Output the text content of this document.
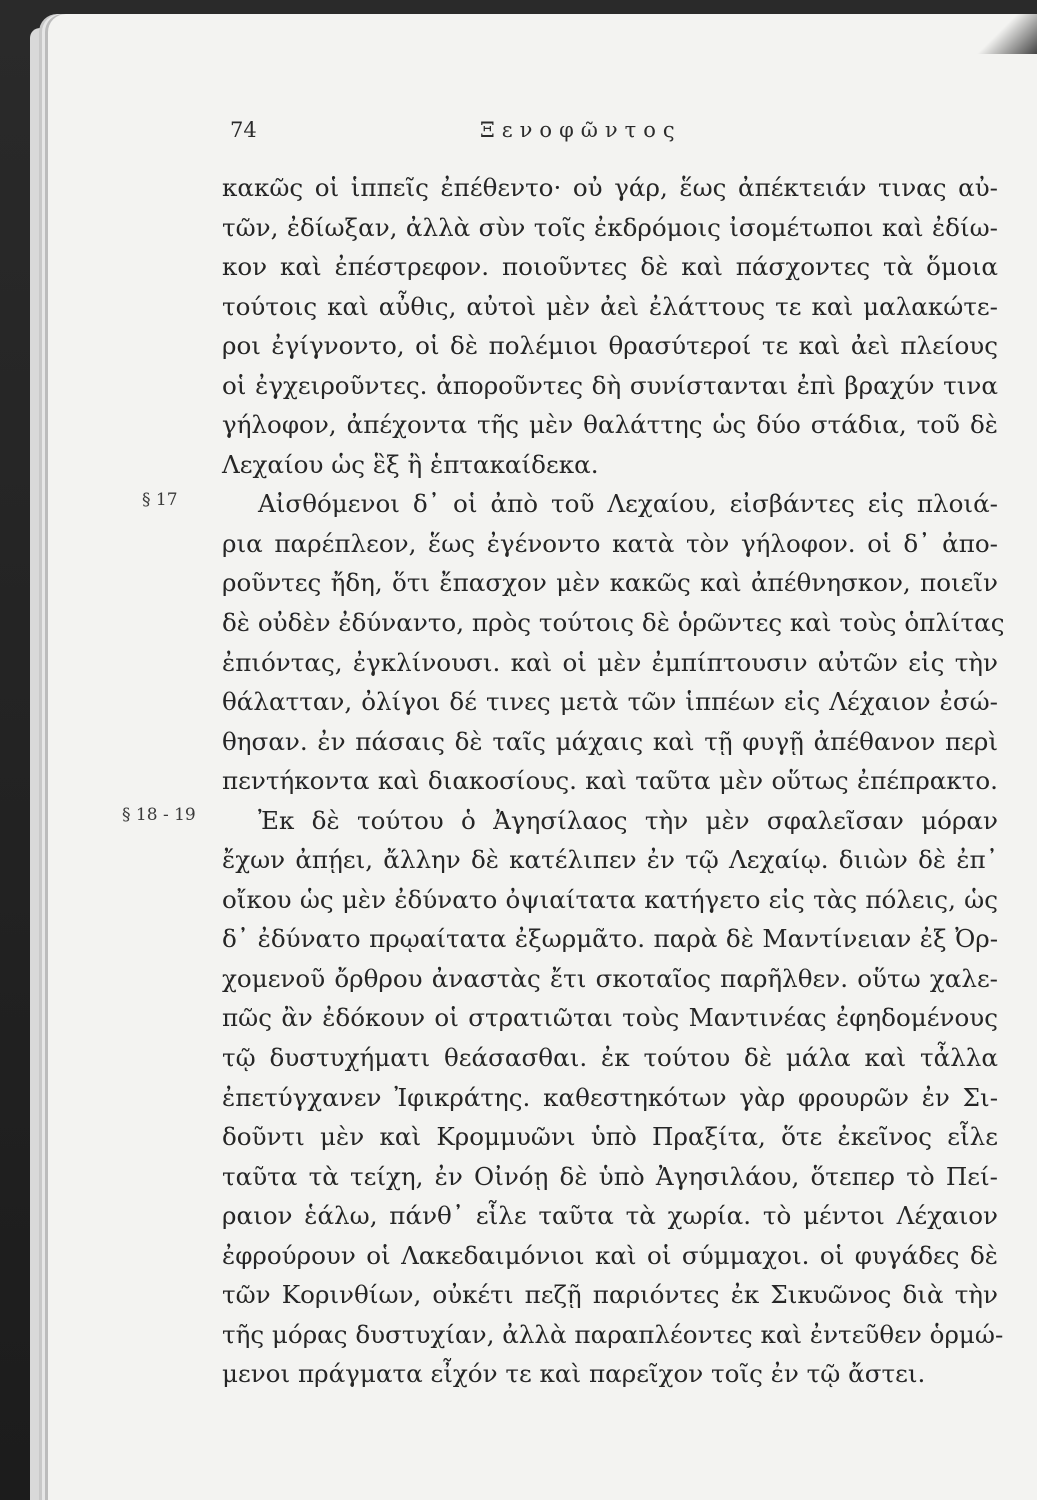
74	Ξενοφῶντος
§ 17
§ 18 - 19
κακῶς οἱ ἱππεῖς ἐπέθεντο· οὐ γάρ, ἕως ἀπέκτειάν τινας αὐ-
τῶν, ἐδίωξαν, ἀλλὰ σὺν τοῖς ἐκδρόμοις ἰσομέτωποι καὶ ἐδίω-
κον καὶ ἐπέστρεφον. ποιοῦντες δὲ καὶ πάσχοντες τὰ ὅμοια
τούτοις καὶ αὖθις, αὐτοὶ μὲν ἀεὶ ἐλάττους τε καὶ μαλακώτε-
ροι ἐγίγνοντο, οἱ δὲ πολέμιοι θρασύτεροί τε καὶ ἀεὶ πλείους
οἱ ἐγχειροῦντες. ἀποροῦντες δὴ συνίστανται ἐπὶ βραχύν τινα
γήλοφον, ἀπέχοντα τῆς μὲν θαλάττης ὡς δύο στάδια, τοῦ δὲ
Λεχαίου ὡς ἓξ ἢ ἑπτακαίδεκα.
Αἰσθόμενοι δ᾽ οἱ ἀπὸ τοῦ Λεχαίου, εἰσβάντες εἰς πλοιά-
ρια παρέπλεον, ἕως ἐγένοντο κατὰ τὸν γήλοφον. οἱ δ᾽ ἀπο-
ροῦντες ἤδη, ὅτι ἔπασχον μὲν κακῶς καὶ ἀπέθνησκον, ποιεῖν
δὲ οὐδὲν ἐδύναντο, πρὸς τούτοις δὲ ὁρῶντες καὶ τοὺς ὁπλίτας
ἐπιόντας, ἐγκλίνουσι. καὶ οἱ μὲν ἐμπίπτουσιν αὐτῶν εἰς τὴν
θάλατταν, ὀλίγοι δέ τινες μετὰ τῶν ἱππέων εἰς Λέχαιον ἐσώ-
θησαν. ἐν πάσαις δὲ ταῖς μάχαις καὶ τῇ φυγῇ ἀπέθανον περὶ
πεντήκοντα καὶ διακοσίους. καὶ ταῦτα μὲν οὕτως ἐπέπρακτο.
Ἐκ δὲ τούτου ὁ Ἀγησίλαος τὴν μὲν σφαλεῖσαν μόραν
ἔχων ἀπῄει, ἄλλην δὲ κατέλιπεν ἐν τῷ Λεχαίῳ. διιὼν δὲ ἐπ᾽
οἴκου ὡς μὲν ἐδύνατο ὀψιαίτατα κατήγετο εἰς τὰς πόλεις, ὡς
δ᾽ ἐδύνατο πρῳαίτατα ἐξωρμᾶτο. παρὰ δὲ Μαντίνειαν ἐξ Ὀρ-
χομενοῦ ὄρθρου ἀναστὰς ἔτι σκοταῖος παρῆλθεν. οὕτω χαλε-
πῶς ἂν ἐδόκουν οἱ στρατιῶται τοὺς Μαντινέας ἐφηδομένους
τῷ δυστυχήματι θεάσασθαι. ἐκ τούτου δὲ μάλα καὶ τἆλλα
ἐπετύγχανεν Ἰφικράτης. καθεστηκότων γὰρ φρουρῶν ἐν Σι-
δοῦντι μὲν καὶ Κρομμυῶνι ὑπὸ Πραξίτα, ὅτε ἐκεῖνος εἷλε
ταῦτα τὰ τείχη, ἐν Οἰνόῃ δὲ ὑπὸ Ἀγησιλάου, ὅτεπερ τὸ Πεί-
ραιον ἑάλω, πάνθ᾽ εἷλε ταῦτα τὰ χωρία. τὸ μέντοι Λέχαιον
ἐφρούρουν οἱ Λακεδαιμόνιοι καὶ οἱ σύμμαχοι. οἱ φυγάδες δὲ
τῶν Κορινθίων, οὐκέτι πεζῇ παριόντες ἐκ Σικυῶνος διὰ τὴν
τῆς μόρας δυστυχίαν, ἀλλὰ παραπλέοντες καὶ ἐντεῦθεν ὁρμώ-
μενοι πράγματα εἶχόν τε καὶ παρεῖχον τοῖς ἐν τῷ ἄστει.
